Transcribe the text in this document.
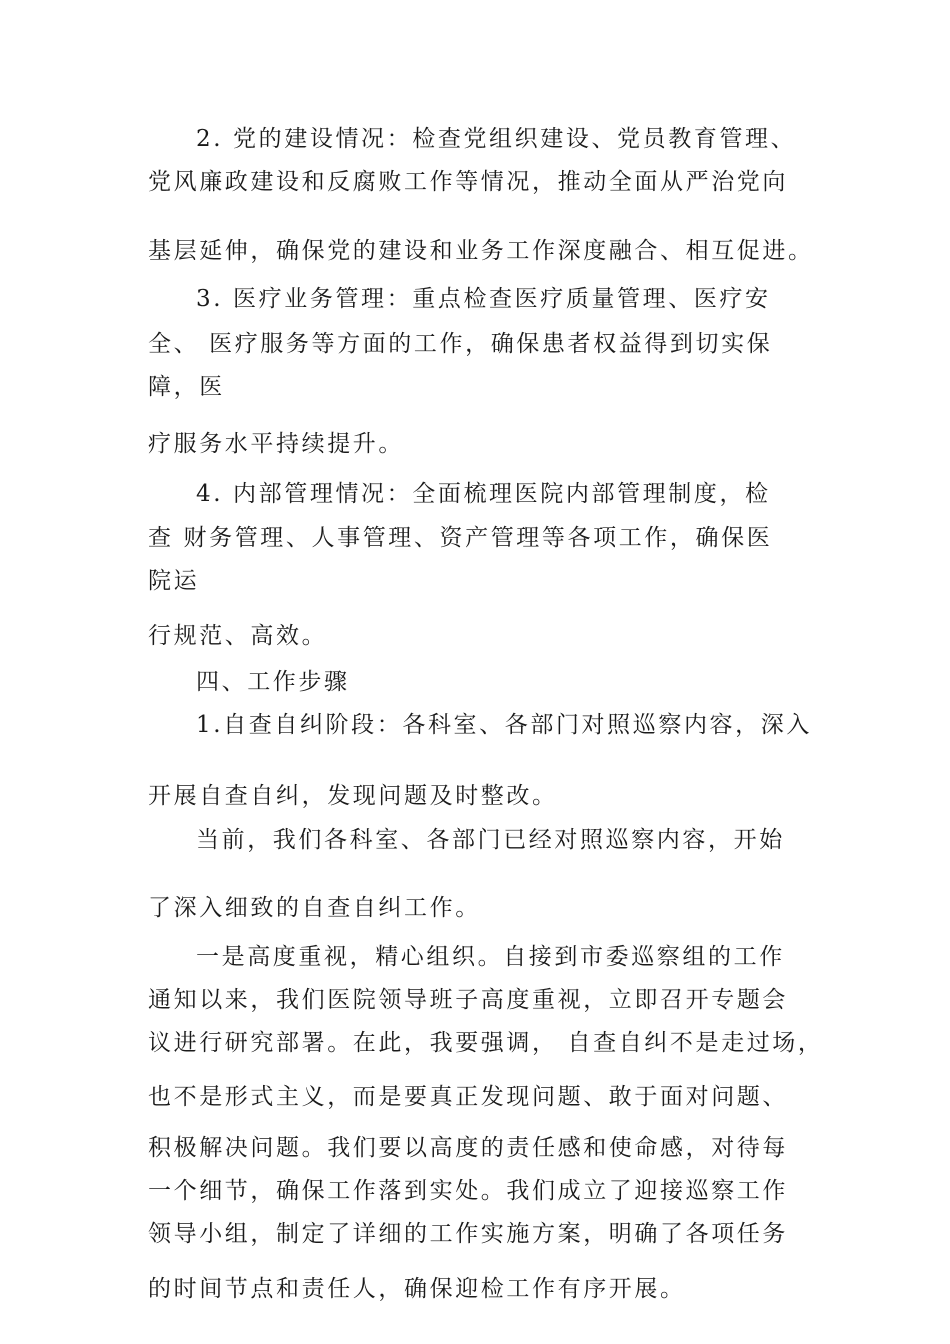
2. 党的建设情况：检查党组织建设、党员教育管理、
党风廉政建设和反腐败工作等情况，推动全面从严治党向
基层延伸，确保党的建设和业务工作深度融合、相互促进。
3. 医疗业务管理：重点检查医疗质量管理、医疗安
全、 医疗服务等方面的工作，确保患者权益得到切实保
障，医
疗服务水平持续提升。
4. 内部管理情况：全面梳理医院内部管理制度，检
查 财务管理、人事管理、资产管理等各项工作，确保医
院运
行规范、高效。
四、工作步骤
1.自查自纠阶段：各科室、各部门对照巡察内容，深入
开展自查自纠，发现问题及时整改。
当前，我们各科室、各部门已经对照巡察内容，开始
了深入细致的自查自纠工作。
一是高度重视，精心组织。自接到市委巡察组的工作
通知以来，我们医院领导班子高度重视，立即召开专题会
议进行研究部署。在此，我要强调， 自查自纠不是走过场，
也不是形式主义，而是要真正发现问题、敢于面对问题、
积极解决问题。我们要以高度的责任感和使命感，对待每
一个细节，确保工作落到实处。我们成立了迎接巡察工作
领导小组，制定了详细的工作实施方案，明确了各项任务
的时间节点和责任人，确保迎检工作有序开展。
